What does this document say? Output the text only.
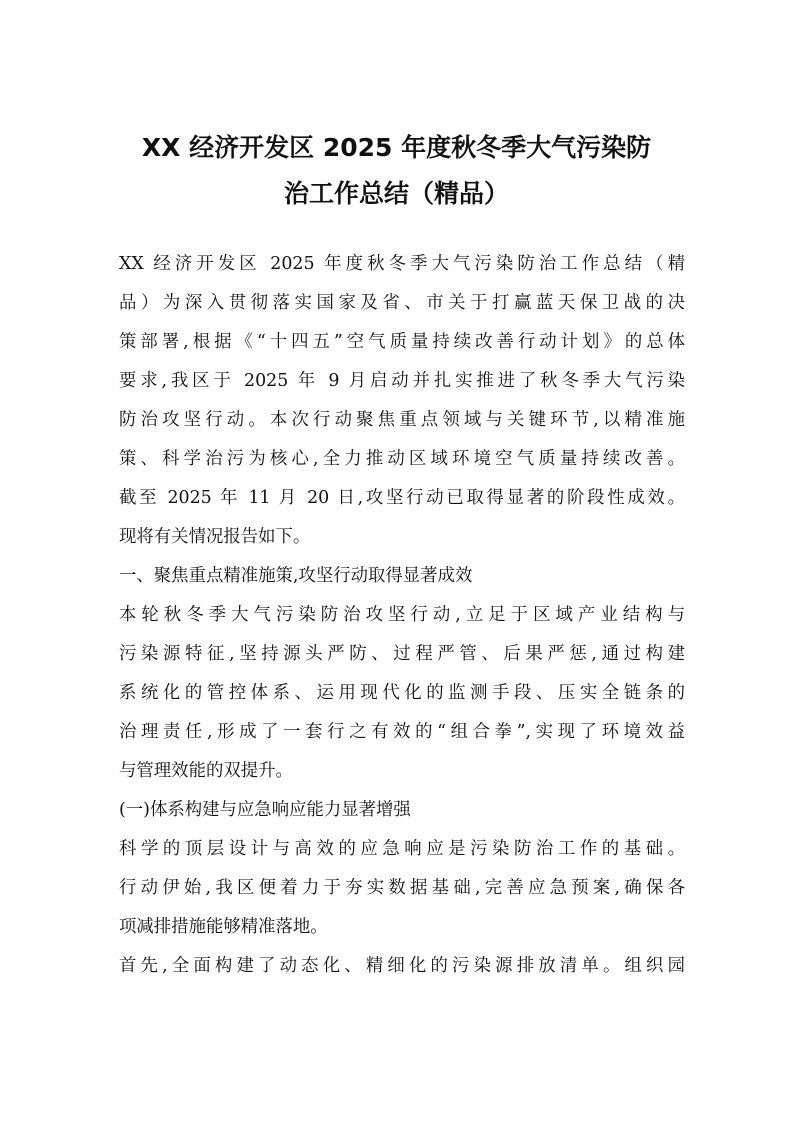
XX 经济开发区 2025 年度秋冬季大气污染防
治工作总结（精品）

XX 经济开发区 2025 年度秋冬季大气污染防治工作总结（精

品）为深入贯彻落实国家及省、市关于打赢蓝天保卫战的决

策部署,根据《“十四五”空气质量持续改善行动计划》的总体

要求,我区于 2025 年 9 月启动并扎实推进了秋冬季大气污染

防治攻坚行动。本次行动聚焦重点领域与关键环节,以精准施

策、科学治污为核心,全力推动区域环境空气质量持续改善。

截至 2025 年 11 月 20 日,攻坚行动已取得显著的阶段性成效。

现将有关情况报告如下。

一、聚焦重点精准施策,攻坚行动取得显著成效

本轮秋冬季大气污染防治攻坚行动,立足于区域产业结构与

污染源特征,坚持源头严防、过程严管、后果严惩,通过构建

系统化的管控体系、运用现代化的监测手段、压实全链条的

治理责任,形成了一套行之有效的“组合拳”,实现了环境效益

与管理效能的双提升。

(一)体系构建与应急响应能力显著增强

科学的顶层设计与高效的应急响应是污染防治工作的基础。

行动伊始,我区便着力于夯实数据基础,完善应急预案,确保各

项减排措施能够精准落地。

首先,全面构建了动态化、精细化的污染源排放清单。组织园
